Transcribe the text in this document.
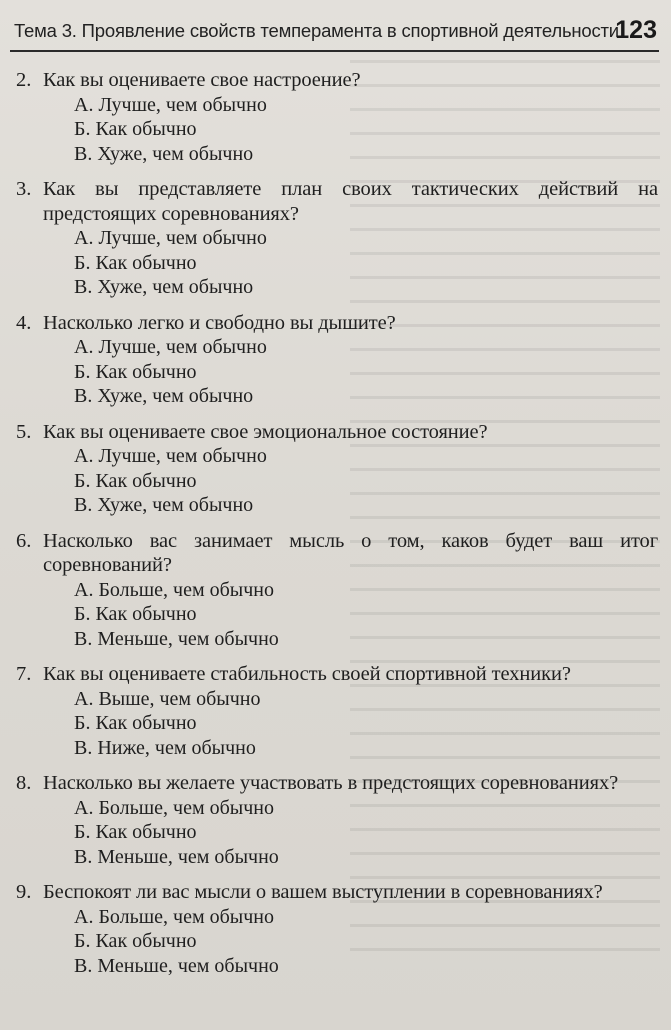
Тема 3. Проявление свойств темперамента в спортивной деятельности
123
2. Как вы оцениваете свое настроение?
А. Лучше, чем обычно
Б. Как обычно
В. Хуже, чем обычно
3. Как вы представляете план своих тактических действий на предстоящих соревнованиях?
А. Лучше, чем обычно
Б. Как обычно
В. Хуже, чем обычно
4. Насколько легко и свободно вы дышите?
А. Лучше, чем обычно
Б. Как обычно
В. Хуже, чем обычно
5. Как вы оцениваете свое эмоциональное состояние?
А. Лучше, чем обычно
Б. Как обычно
В. Хуже, чем обычно
6. Насколько вас занимает мысль о том, каков будет ваш итог соревнований?
А. Больше, чем обычно
Б. Как обычно
В. Меньше, чем обычно
7. Как вы оцениваете стабильность своей спортивной техники?
А. Выше, чем обычно
Б. Как обычно
В. Ниже, чем обычно
8. Насколько вы желаете участвовать в предстоящих соревнованиях?
А. Больше, чем обычно
Б. Как обычно
В. Меньше, чем обычно
9. Беспокоят ли вас мысли о вашем выступлении в соревнованиях?
А. Больше, чем обычно
Б. Как обычно
В. Меньше, чем обычно
